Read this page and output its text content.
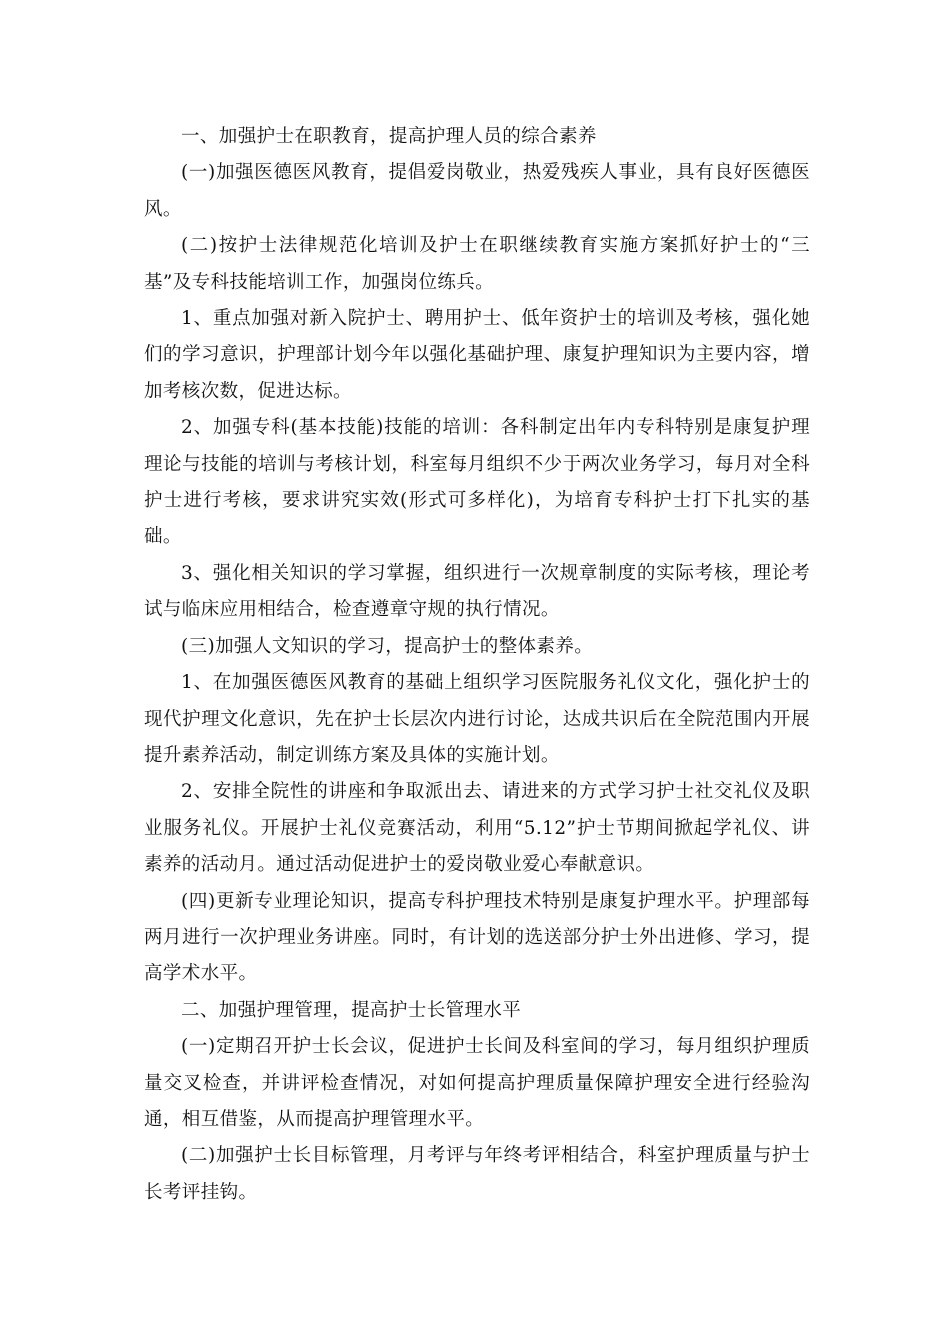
一、加强护士在职教育，提高护理人员的综合素养

(一)加强医德医风教育，提倡爱岗敬业，热爱残疾人事业，具有良好医德医风。

(二)按护士法律规范化培训及护士在职继续教育实施方案抓好护士的“三基”及专科技能培训工作，加强岗位练兵。

1、重点加强对新入院护士、聘用护士、低年资护士的培训及考核，强化她们的学习意识，护理部计划今年以强化基础护理、康复护理知识为主要内容，增加考核次数，促进达标。

2、加强专科(基本技能)技能的培训：各科制定出年内专科特别是康复护理理论与技能的培训与考核计划，科室每月组织不少于两次业务学习，每月对全科护士进行考核，要求讲究实效(形式可多样化)，为培育专科护士打下扎实的基础。

3、强化相关知识的学习掌握，组织进行一次规章制度的实际考核，理论考试与临床应用相结合，检查遵章守规的执行情况。

(三)加强人文知识的学习，提高护士的整体素养。

1、在加强医德医风教育的基础上组织学习医院服务礼仪文化，强化护士的现代护理文化意识，先在护士长层次内进行讨论，达成共识后在全院范围内开展提升素养活动，制定训练方案及具体的实施计划。

2、安排全院性的讲座和争取派出去、请进来的方式学习护士社交礼仪及职业服务礼仪。开展护士礼仪竞赛活动，利用“5.12”护士节期间掀起学礼仪、讲素养的活动月。通过活动促进护士的爱岗敬业爱心奉献意识。

(四)更新专业理论知识，提高专科护理技术特别是康复护理水平。护理部每两月进行一次护理业务讲座。同时，有计划的选送部分护士外出进修、学习，提高学术水平。

二、加强护理管理，提高护士长管理水平

(一)定期召开护士长会议，促进护士长间及科室间的学习，每月组织护理质量交叉检查，并讲评检查情况，对如何提高护理质量保障护理安全进行经验沟通，相互借鉴，从而提高护理管理水平。

(二)加强护士长目标管理，月考评与年终考评相结合，科室护理质量与护士长考评挂钩。
